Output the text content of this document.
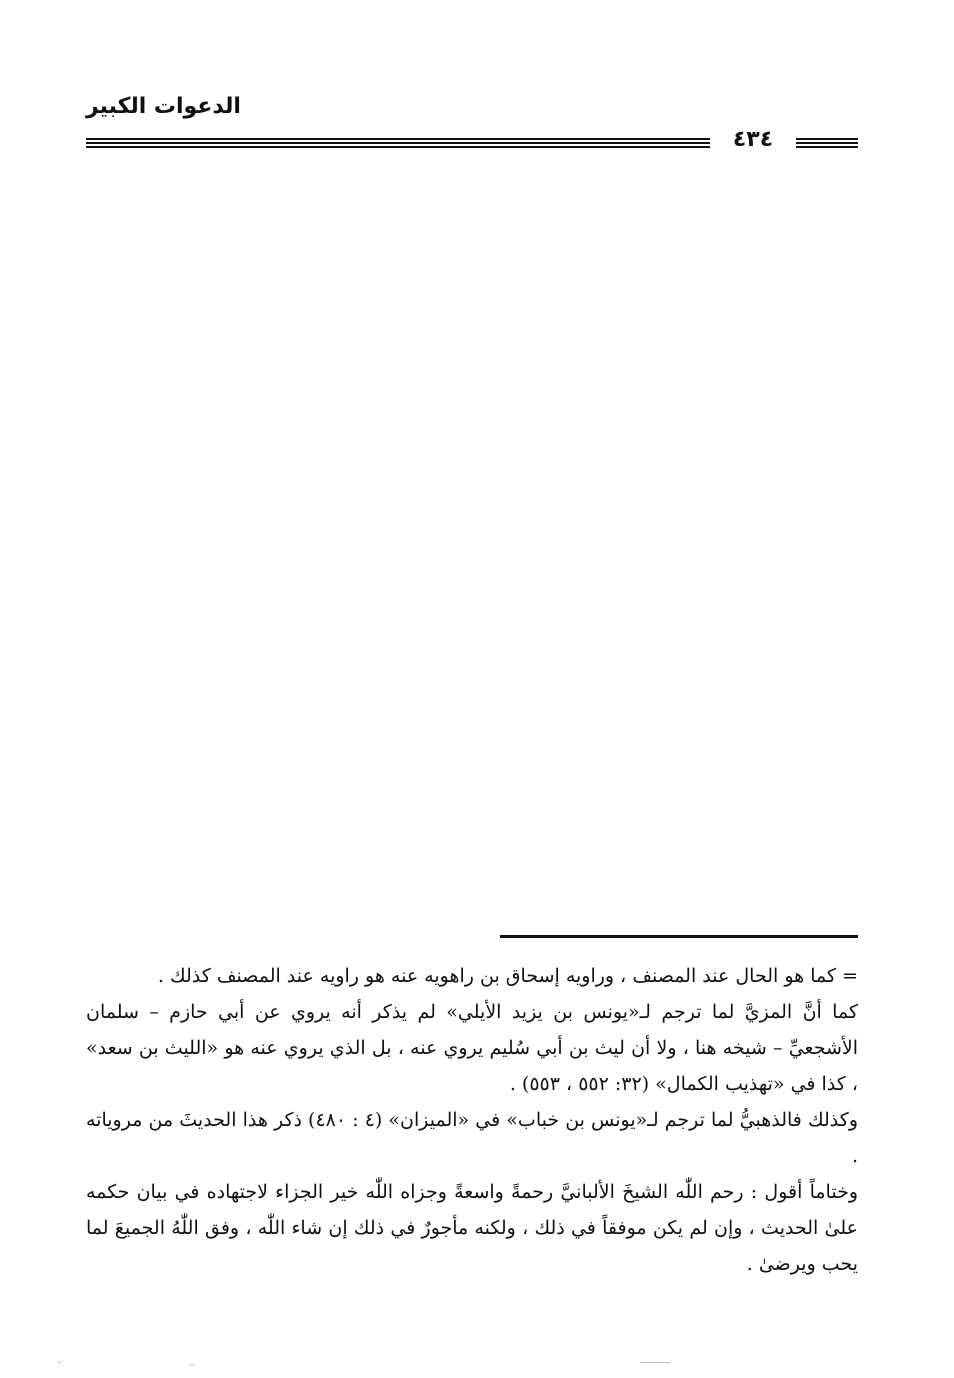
الدعوات الكبير
٤٣٤

= كما هو الحال عند المصنف ، وراويه إسحاق بن راهويه عنه هو راويه عند المصنف كذلك .

كما أنَّ المزيَّ لما ترجم لـ«يونس بن يزيد الأيلي» لم يذكر أنه يروي عن أبي حازم – سلمان الأشجعيِّ – شيخه هنا ، ولا أن ليث بن أبي سُليم يروي عنه ، بل الذي يروي عنه هو «الليث بن سعد» ، كذا في «تهذيب الكمال» (٣٢: ٥٥٢ ، ٥٥٣) .

وكذلك فالذهبيُّ لما ترجم لـ«يونس بن خباب» في «الميزان» (٤ : ٤٨٠) ذكر هذا الحديثَ من مروياته .

وختاماً أقول : رحم اللّٰه الشيخَ الألبانيَّ رحمةً واسعةً وجزاه اللّٰه خير الجزاء لاجتهاده في بيان حكمه علىٰ الحديث ، وإن لم يكن موفقاً في ذلك ، ولكنه مأجورٌ في ذلك إن شاء اللّٰه ، وفق اللّٰهُ الجميعَ لما يحب ويرضىٰ .
